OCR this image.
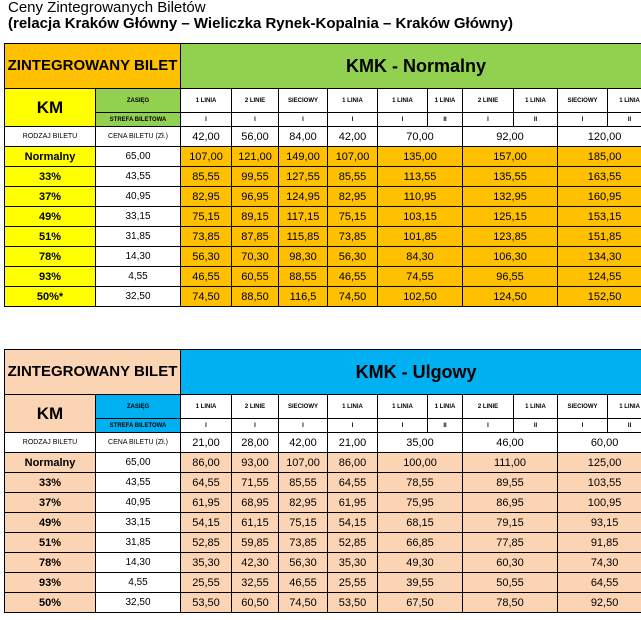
Ceny Zintegrowanych Biletów
(relacja Kraków Główny – Wieliczka Rynek-Kopalnia – Kraków Główny)
ZINTEGROWANY BILET		KMK - Normalny									
KM	ZASIĘG	1 LINIA	2 LINIE	SIECIOWY	1 LINIA	1 LINIA	1 LINIA	2 LINIE	1 LINIA	SIECIOWY	1 LINIA
	STREFA BILETOWA	I	I	I	I	I	II	I	II	I	II
RODZAJ BILETU	CENA BILETU (Zł.)	42,00	56,00	84,00	42,00	70,00		92,00		120,00	
Normalny	65,00	107,00	121,00	149,00	107,00	135,00		157,00		185,00	
33%	43,55	85,55	99,55	127,55	85,55	113,55		135,55		163,55	
37%	40,95	82,95	96,95	124,95	82,95	110,95		132,95		160,95	
49%	33,15	75,15	89,15	117,15	75,15	103,15		125,15		153,15	
51%	31,85	73,85	87,85	115,85	73,85	101,85		123,85		151,85	
78%	14,30	56,30	70,30	98,30	56,30	84,30		106,30		134,30	
93%	4,55	46,55	60,55	88,55	46,55	74,55		96,55		124,55	
50%*	32,50	74,50	88,50	116,5	74,50	102,50		124,50		152,50	
ZINTEGROWANY BILET		KMK - Ulgowy									
KM	ZASIĘG	1 LINIA	2 LINIE	SIECIOWY	1 LINIA	1 LINIA	1 LINIA	2 LINIE	1 LINIA	SIECIOWY	1 LINIA
	STREFA BILETOWA	I	I	I	I	I	II	I	II	I	II
RODZAJ BILETU	CENA BILETU (Zł.)	21,00	28,00	42,00	21,00	35,00		46,00		60,00	
Normalny	65,00	86,00	93,00	107,00	86,00	100,00		111,00		125,00	
33%	43,55	64,55	71,55	85,55	64,55	78,55		89,55		103,55	
37%	40,95	61,95	68,95	82,95	61,95	75,95		86,95		100,95	
49%	33,15	54,15	61,15	75,15	54,15	68,15		79,15		93,15	
51%	31,85	52,85	59,85	73,85	52,85	66,85		77,85		91,85	
78%	14,30	35,30	42,30	56,30	35,30	49,30		60,30		74,30	
93%	4,55	25,55	32,55	46,55	25,55	39,55		50,55		64,55	
50%	32,50	53,50	60,50	74,50	53,50	67,50		78,50		92,50	
